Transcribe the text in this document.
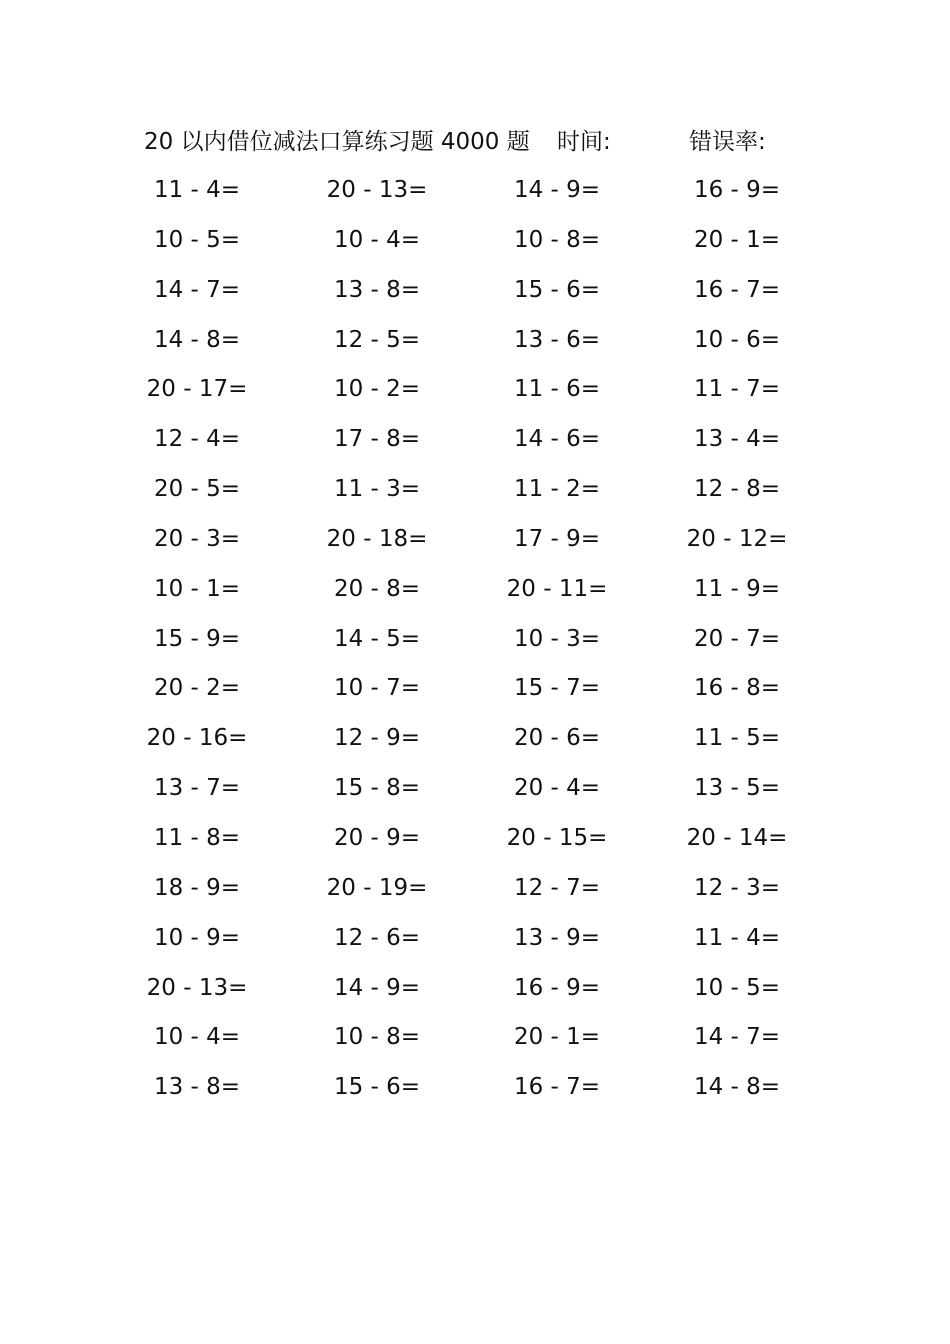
20 以内借位减法口算练习题 4000 题 时间:	错误率:
11 - 4=	20 - 13=	14 - 9=	16 - 9=
10 - 5=	10 - 4=	10 - 8=	20 - 1=
14 - 7=	13 - 8=	15 - 6=	16 - 7=
14 - 8=	12 - 5=	13 - 6=	10 - 6=
20 - 17=	10 - 2=	11 - 6=	11 - 7=
12 - 4=	17 - 8=	14 - 6=	13 - 4=
20 - 5=	11 - 3=	11 - 2=	12 - 8=
20 - 3=	20 - 18=	17 - 9=	20 - 12=
10 - 1=	20 - 8=	20 - 11=	11 - 9=
15 - 9=	14 - 5=	10 - 3=	20 - 7=
20 - 2=	10 - 7=	15 - 7=	16 - 8=
20 - 16=	12 - 9=	20 - 6=	11 - 5=
13 - 7=	15 - 8=	20 - 4=	13 - 5=
11 - 8=	20 - 9=	20 - 15=	20 - 14=
18 - 9=	20 - 19=	12 - 7=	12 - 3=
10 - 9=	12 - 6=	13 - 9=	11 - 4=
20 - 13=	14 - 9=	16 - 9=	10 - 5=
10 - 4=	10 - 8=	20 - 1=	14 - 7=
13 - 8=	15 - 6=	16 - 7=	14 - 8=
